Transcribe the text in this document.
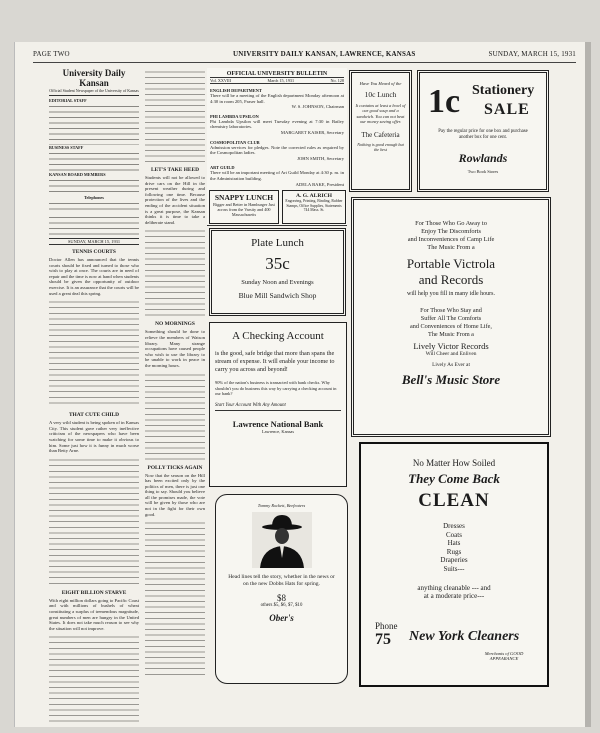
PAGE TWO	UNIVERSITY DAILY KANSAN, LAWRENCE, KANSAS	SUNDAY, MARCH 15, 1931
University Daily Kansan
Official Student Newspaper of the University of Kansas
EDITORIAL STAFF
BUSINESS STAFF
KANSAN BOARD MEMBERS
Telephones
SUNDAY, MARCH 15, 1931
TENNIS COURTS
Doctor Allen has announced that the tennis courts should be fixed and turned to those who wish to play at once. The courts are in need of repair and the time is now at hand when students should be given the opportunity of outdoor exercise. It is an assurance that the courts will be used a great deal this spring.
THAT CUTE CHILD
A very wild student is being spoken of in Kansas City. This student gave rather very ineffective criticism of the newspapers who have been watching for some time to make it obvious to him. Some just how it is funny in much worse than Betty Arne.
EIGHT BILLION STARVE
With eight million dollars going to Pacific Coast and with millions of bushels of wheat constituting a surplus of tremendous magnitude, great numbers of men are hungry in the United States. It does not take much reason to see why the situation will not improve.
LET'S TAKE HEED
Students will not be allowed to drive cars on the Hill in the present weather during and following one time. Because protection of the lives and the ending of the accident situation is a great purpose, the Kansan thinks it is time to take a deliberate stand.
NO MORNINGS
Something should be done to relieve the members of Watson library. Many strange occupations have caused people who wish to use the library to be unable to work in peace in the morning hours.
POLLY TICKS AGAIN
Now that the season on the Hill has been excited only by the politics of men, there is just one thing to say. Should you believe all the promises made, the vote will be given by those who are not in the fight for their own good.
OFFICIAL UNIVERSITY BULLETIN
Vol. XXVIII	March 15, 1931	No. 128
ENGLISH DEPARTMENT
There will be a meeting of the English department Monday afternoon at 4:30 in room 205, Fraser hall.
W. S. JOHNSON, Chairman
PHI LAMBDA UPSILON
Phi Lambda Upsilon will meet Tuesday evening at 7:30 in Bailey chemistry laboratories.
MARGARET KAISER, Secretary
COSMOPOLITAN CLUB
Admission services for pledges. Note the corrected rules as required by the Cosmopolitan ladies.
JOHN SMITH, Secretary
ART GUILD
There will be an important meeting of Art Guild Monday at 4:30 p. m. in the Administration building.
ADELA BAKE, President
Have You Heard of the
10c Lunch
It contains at least a bowl of our good soup and a sandwich. You can not beat our money saving offer.
The Cafeteria
Nothing is good enough but the best
1c Stationery
SALE
Pay the regular price for one box and purchase another box for one cent.
Rowlands
Two Book Stores
SNAPPY LUNCH
Bigger and Better in Hamburger Just across from the Varsity and 400 Massachusetts
A. G. ALRICH
Engraving, Printing, Binding, Rubber Stamps, Office Supplies, Statements 744 Mass. St.
Plate Lunch
35c
Sunday Noon and Evenings
Blue Mill Sandwich Shop
A Checking Account
is the good, safe bridge that more than spans the stream of expense. It will enable your income to carry you across and beyond!
90% of the nation's business is transacted with bank checks. Why shouldn't you do business this way by carrying a checking account in our bank?
Start Your Account With Any Amount
Lawrence National Bank
Lawrence, Kansas
Tommy Rockett, Beefeaters
Head lines tell the story, whether in the news or on the new Dobbs Hats for spring.
$8
others $5, $6, $7, $10
Ober's
For Those Who Go Away to
Enjoy The Discomforts
and Inconveniences of Camp Life
The Music From a
Portable Victrola
and Records
will help you fill in many idle hours.
For Those Who Stay and
Suffer All The Comforts
and Conveniences of Home Life,
The Music From a
Lively Victor Records
Will Cheer and Enliven
Lively As Ever at
Bell's Music Store
No Matter How Soiled
They Come Back
CLEAN
Dresses
Coats
Hats
Rugs
Draperies
Suits---
anything cleanable --- and
at a moderate price---
Phone
75 New York Cleaners
Merchants of GOOD APPEARANCE
